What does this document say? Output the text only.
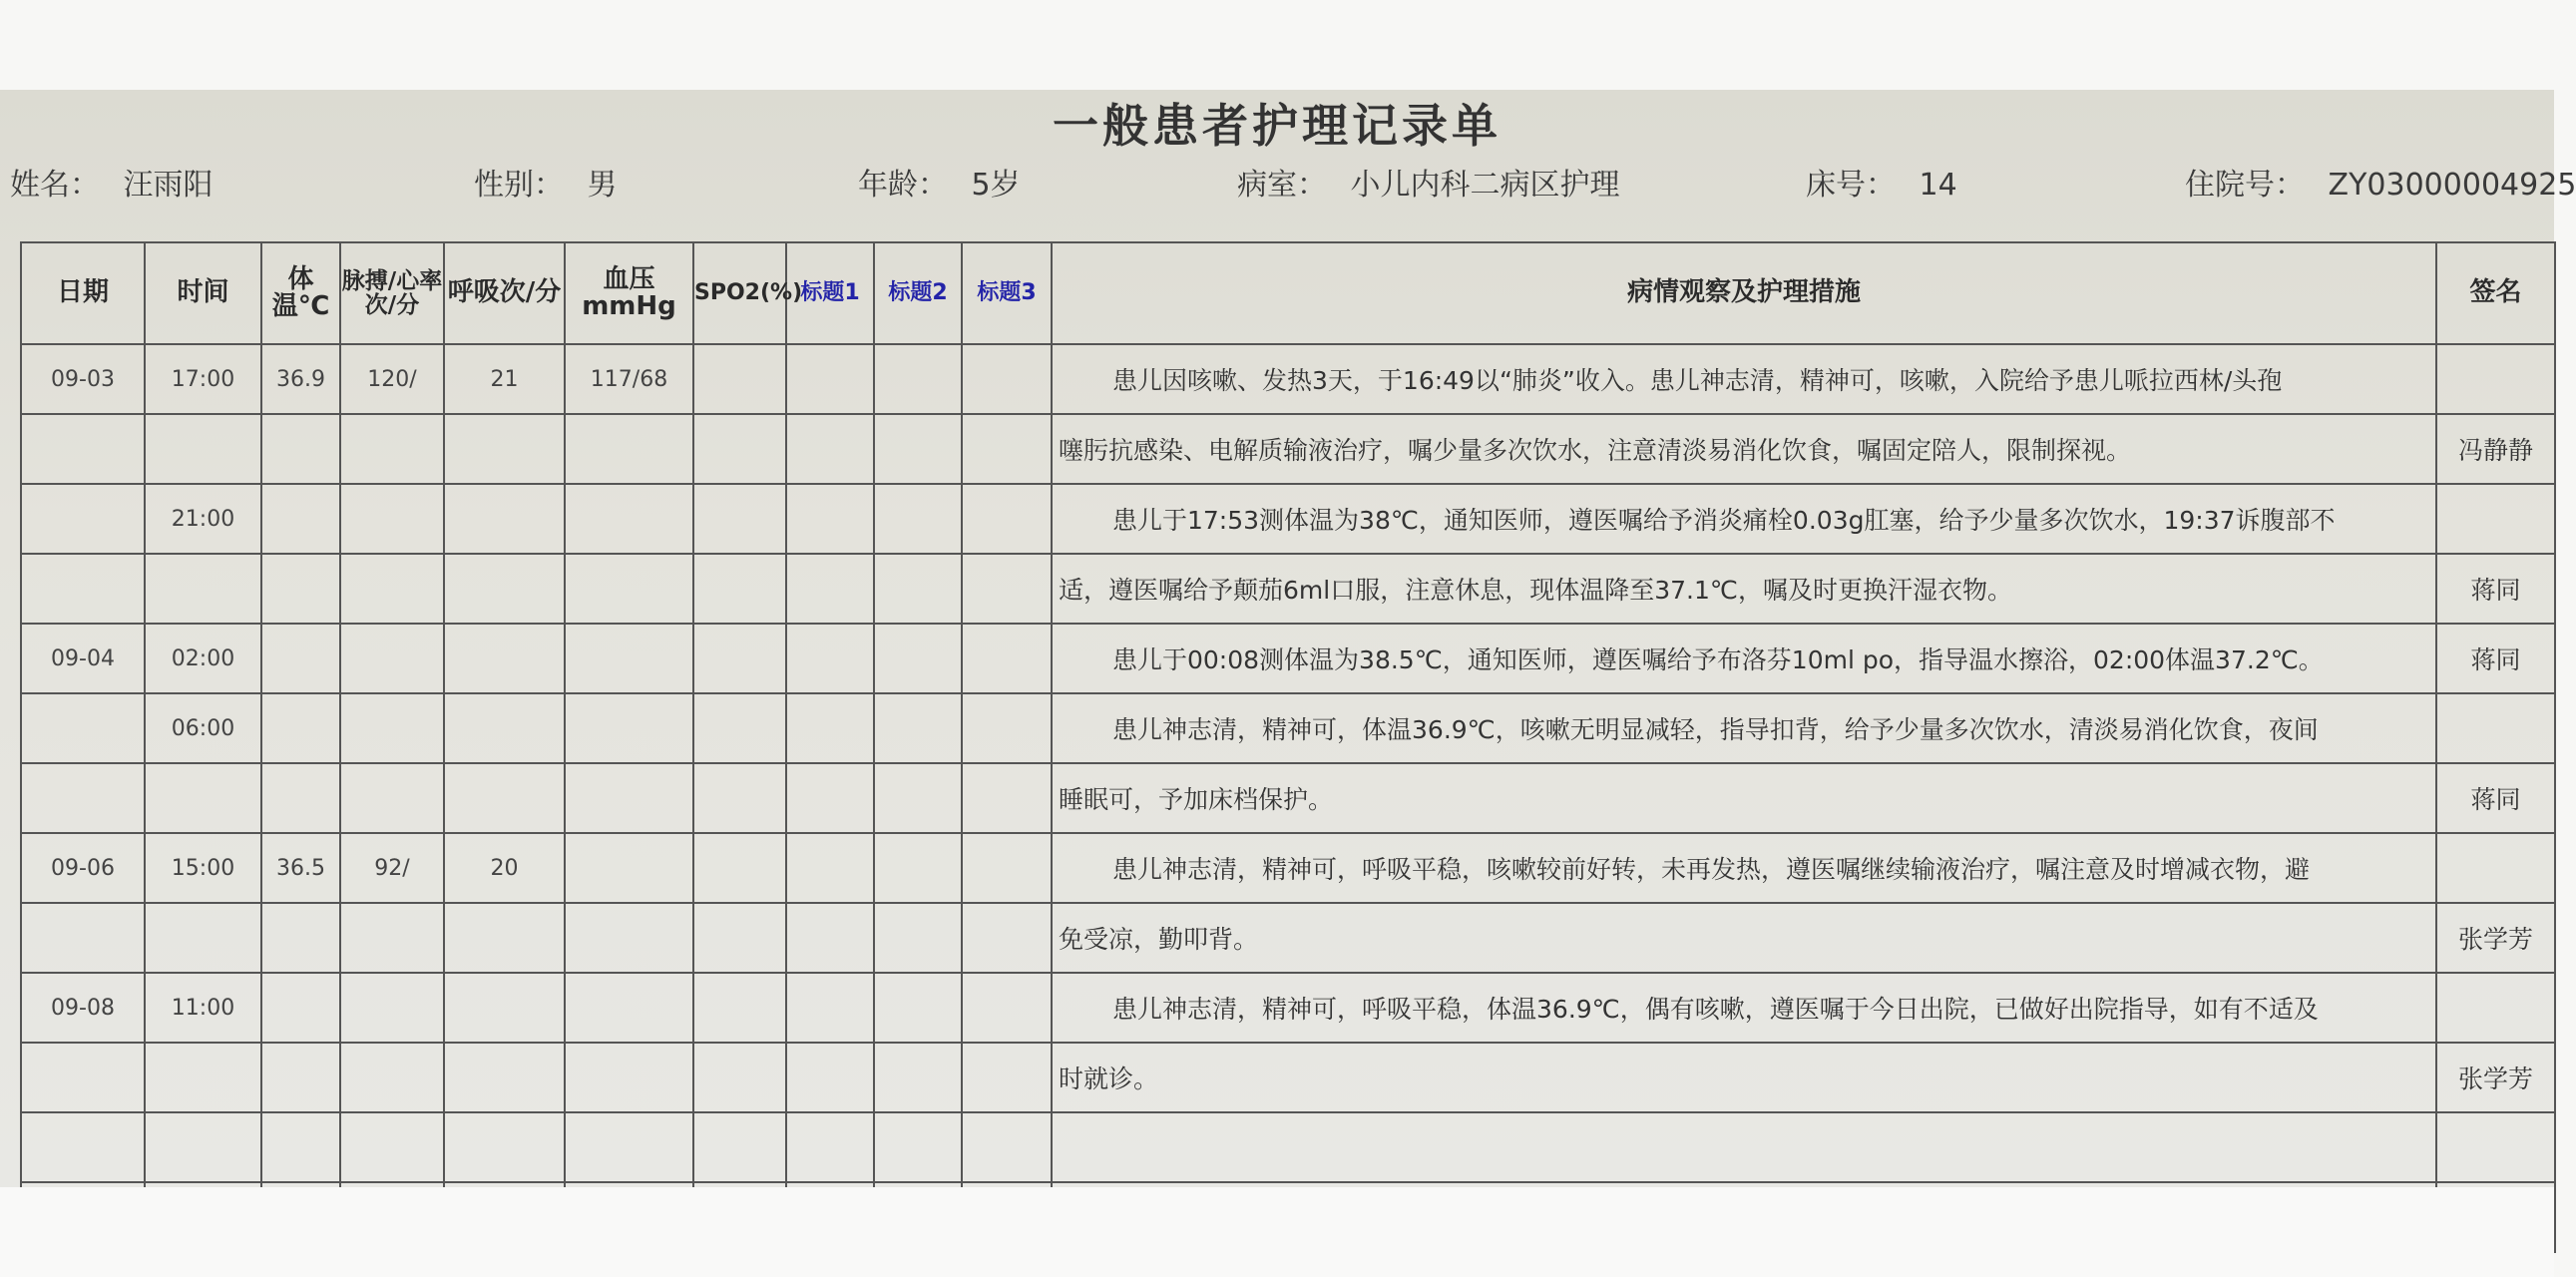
一般患者护理记录单
姓名： 汪雨阳	性别： 男	年龄： 5岁	病室： 小儿内科二病区护理	床号： 14	住院号： ZY03000004925
日期	时间	体温℃	脉搏/心率次/分	呼吸次/分	血压mmHg	SPO2(%)	标题1	标题2	标题3	病情观察及护理措施	签名
09-03	17:00	36.9	120/	21	117/68					患儿因咳嗽、发热3天，于16:49以“肺炎”收入。患儿神志清，精神可，咳嗽，入院给予患儿哌拉西林/头孢	
										噻肟抗感染、电解质输液治疗，嘱少量多次饮水，注意清淡易消化饮食，嘱固定陪人，限制探视。	冯静静
	21:00									患儿于17:53测体温为38℃，通知医师，遵医嘱给予消炎痛栓0.03g肛塞，给予少量多次饮水，19:37诉腹部不	
										适，遵医嘱给予颠茄6ml口服，注意休息，现体温降至37.1℃，嘱及时更换汗湿衣物。	蒋同
09-04	02:00									患儿于00:08测体温为38.5℃，通知医师，遵医嘱给予布洛芬10ml po，指导温水擦浴，02:00体温37.2℃。	蒋同
	06:00									患儿神志清，精神可，体温36.9℃，咳嗽无明显减轻，指导扣背，给予少量多次饮水，清淡易消化饮食，夜间	
										睡眠可，予加床档保护。	蒋同
09-06	15:00	36.5	92/	20						患儿神志清，精神可，呼吸平稳，咳嗽较前好转，未再发热，遵医嘱继续输液治疗，嘱注意及时增减衣物，避	
										免受凉，勤叩背。	张学芳
09-08	11:00									患儿神志清，精神可，呼吸平稳，体温36.9℃，偶有咳嗽，遵医嘱于今日出院，已做好出院指导，如有不适及	
										时就诊。	张学芳
